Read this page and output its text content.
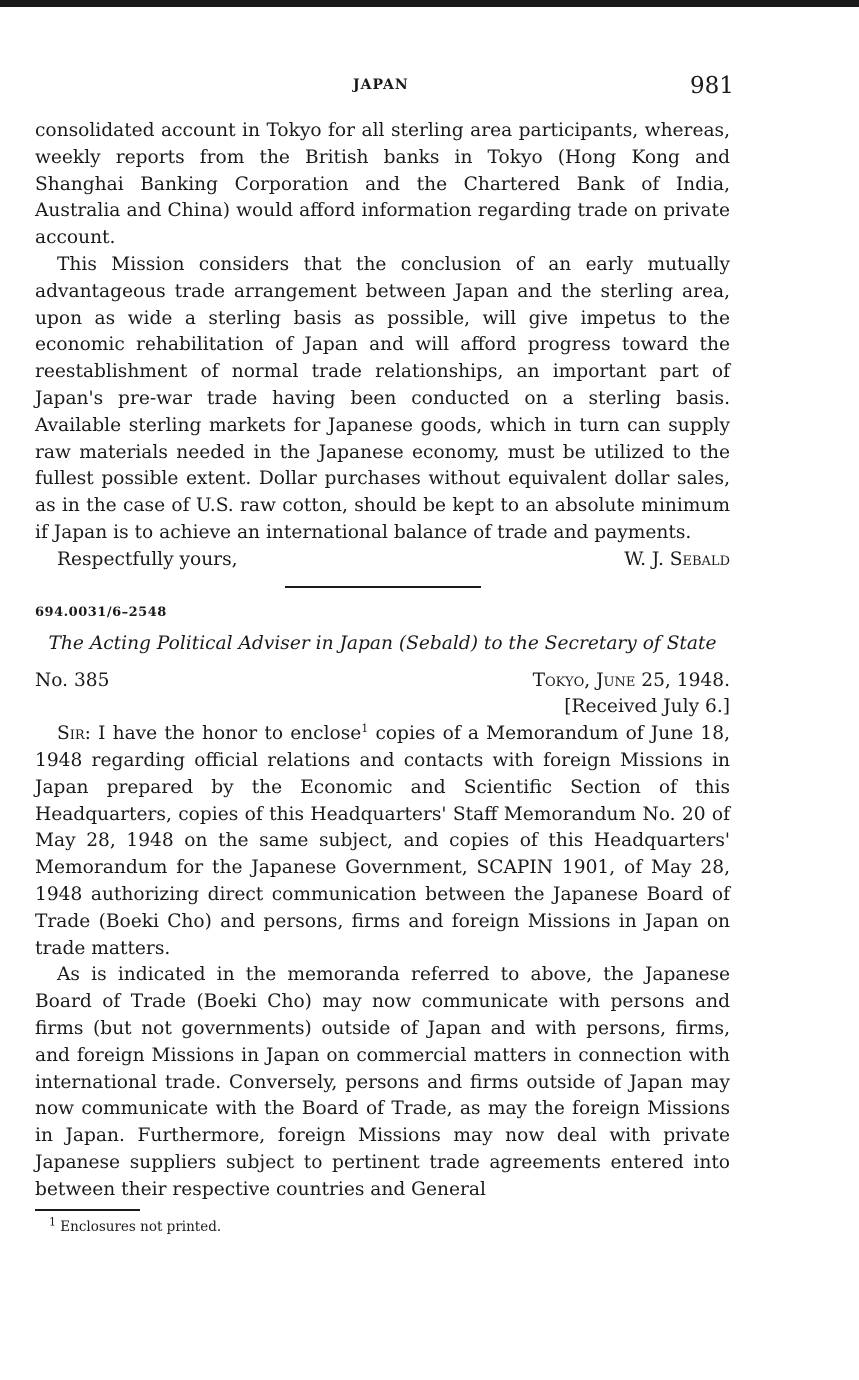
JAPAN	981

consolidated account in Tokyo for all sterling area participants, whereas, weekly reports from the British banks in Tokyo (Hong Kong and Shanghai Banking Corporation and the Chartered Bank of India, Australia and China) would afford information regarding trade on private account.

This Mission considers that the conclusion of an early mutually advantageous trade arrangement between Japan and the sterling area, upon as wide a sterling basis as possible, will give impetus to the economic rehabilitation of Japan and will afford progress toward the reestablishment of normal trade relationships, an important part of Japan's pre-war trade having been conducted on a sterling basis. Available sterling markets for Japanese goods, which in turn can supply raw materials needed in the Japanese economy, must be utilized to the fullest possible extent. Dollar purchases without equivalent dollar sales, as in the case of U.S. raw cotton, should be kept to an absolute minimum if Japan is to achieve an international balance of trade and payments.

Respectfully yours,	W. J. Sebald
694.0031/6–2548
The Acting Political Adviser in Japan (Sebald) to the Secretary of State
No. 385	Tokyo, June 25, 1948.
[Received July 6.]

Sir: I have the honor to enclose$^1$ copies of a Memorandum of June 18, 1948 regarding official relations and contacts with foreign Missions in Japan prepared by the Economic and Scientific Section of this Headquarters, copies of this Headquarters' Staff Memorandum No. 20 of May 28, 1948 on the same subject, and copies of this Headquarters' Memorandum for the Japanese Government, SCAPIN 1901, of May 28, 1948 authorizing direct communication between the Japanese Board of Trade (Boeki Cho) and persons, firms and foreign Missions in Japan on trade matters.

As is indicated in the memoranda referred to above, the Japanese Board of Trade (Boeki Cho) may now communicate with persons and firms (but not governments) outside of Japan and with persons, firms, and foreign Missions in Japan on commercial matters in connection with international trade. Conversely, persons and firms outside of Japan may now communicate with the Board of Trade, as may the foreign Missions in Japan. Furthermore, foreign Missions may now deal with private Japanese suppliers subject to pertinent trade agreements entered into between their respective countries and General

$^1$ Enclosures not printed.
